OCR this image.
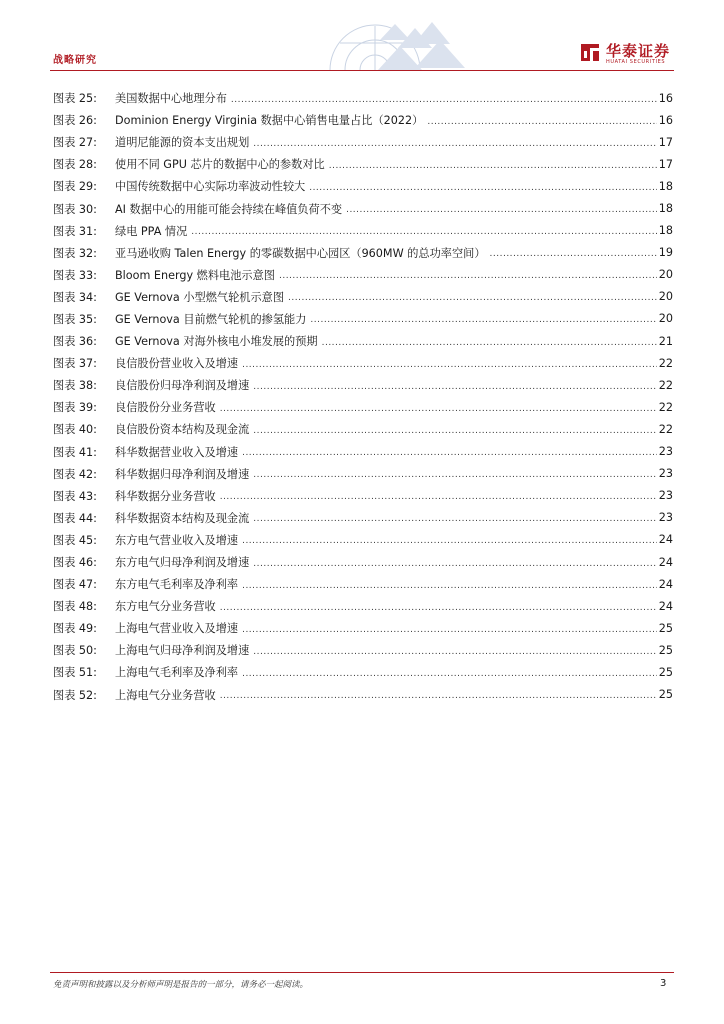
战略研究
华泰证券
HUATAI SECURITIES
图表 25:	美国数据中心地理分布 .....	16
图表 26:	Dominion Energy Virginia 数据中心销售电量占比（2022） .....	16
图表 27:	道明尼能源的资本支出规划 .....	17
图表 28:	使用不同 GPU 芯片的数据中心的参数对比 .....	17
图表 29:	中国传统数据中心实际功率波动性较大 .....	18
图表 30:	AI 数据中心的用能可能会持续在峰值负荷不变 .....	18
图表 31:	绿电 PPA 情况 .....	18
图表 32:	亚马逊收购 Talen Energy 的零碳数据中心园区（960MW 的总功率空间） .....	19
图表 33:	Bloom Energy 燃料电池示意图 .....	20
图表 34:	GE Vernova 小型燃气轮机示意图 .....	20
图表 35:	GE Vernova 目前燃气轮机的掺氢能力 .....	20
图表 36:	GE Vernova 对海外核电小堆发展的预期 .....	21
图表 37:	良信股份营业收入及增速 .....	22
图表 38:	良信股份归母净利润及增速 .....	22
图表 39:	良信股份分业务营收 .....	22
图表 40:	良信股份资本结构及现金流 .....	22
图表 41:	科华数据营业收入及增速 .....	23
图表 42:	科华数据归母净利润及增速 .....	23
图表 43:	科华数据分业务营收 .....	23
图表 44:	科华数据资本结构及现金流 .....	23
图表 45:	东方电气营业收入及增速 .....	24
图表 46:	东方电气归母净利润及增速 .....	24
图表 47:	东方电气毛利率及净利率 .....	24
图表 48:	东方电气分业务营收 .....	24
图表 49:	上海电气营业收入及增速 .....	25
图表 50:	上海电气归母净利润及增速 .....	25
图表 51:	上海电气毛利率及净利率 .....	25
图表 52:	上海电气分业务营收 .....	25
免责声明和披露以及分析师声明是报告的一部分，请务必一起阅读。	3
